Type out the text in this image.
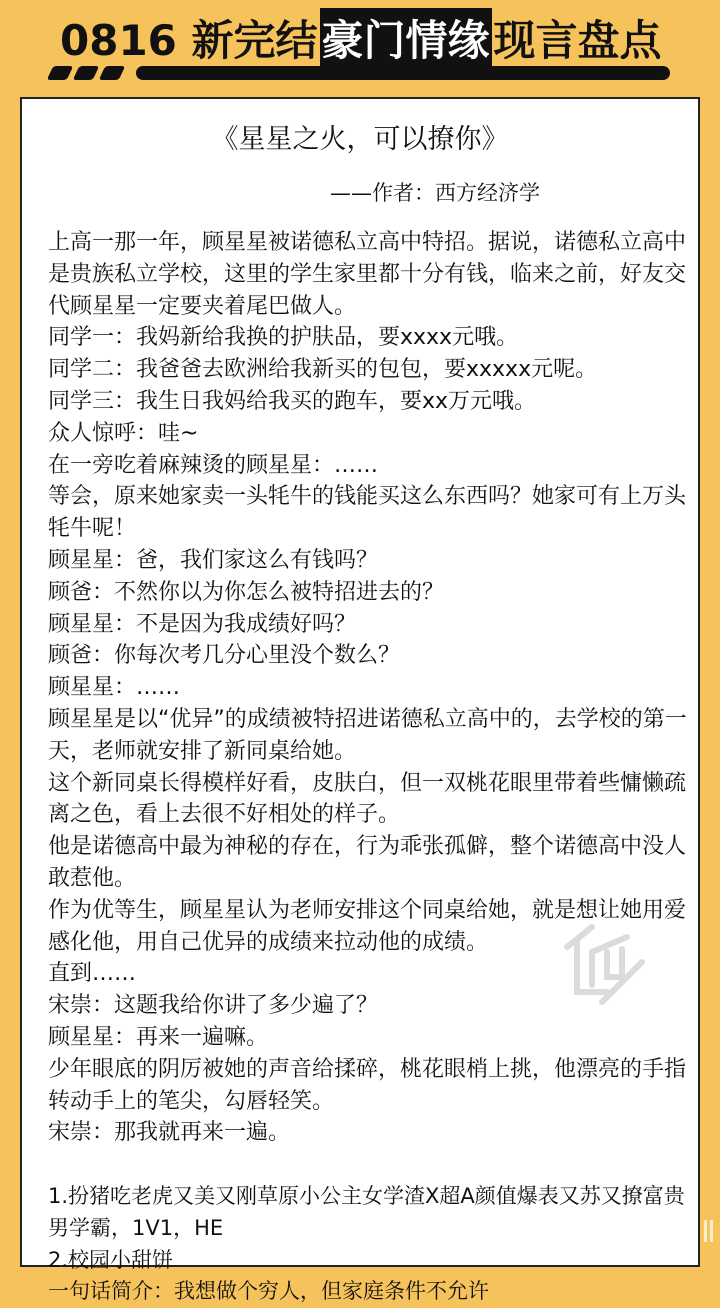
0816 新完结 豪门情缘 现言盘点
《星星之火，可以撩你》
——作者：西方经济学

上高一那一年，顾星星被诺德私立高中特招。据说，诺德私立高中是贵族私立学校，这里的学生家里都十分有钱，临来之前，好友交代顾星星一定要夹着尾巴做人。

同学一：我妈新给我换的护肤品，要xxxx元哦。

同学二：我爸爸去欧洲给我新买的包包，要xxxxx元呢。

同学三：我生日我妈给我买的跑车，要xx万元哦。

众人惊呼：哇~

在一旁吃着麻辣烫的顾星星：……

等会，原来她家卖一头牦牛的钱能买这么东西吗？她家可有上万头牦牛呢！

顾星星：爸，我们家这么有钱吗？

顾爸：不然你以为你怎么被特招进去的？

顾星星：不是因为我成绩好吗？

顾爸：你每次考几分心里没个数么？

顾星星：……

顾星星是以“优异”的成绩被特招进诺德私立高中的，去学校的第一天，老师就安排了新同桌给她。

这个新同桌长得模样好看，皮肤白，但一双桃花眼里带着些慵懒疏离之色，看上去很不好相处的样子。

他是诺德高中最为神秘的存在，行为乖张孤僻，整个诺德高中没人敢惹他。

作为优等生，顾星星认为老师安排这个同桌给她，就是想让她用爱感化他，用自己优异的成绩来拉动他的成绩。

直到……

宋崇：这题我给你讲了多少遍了？

顾星星：再来一遍嘛。

少年眼底的阴厉被她的声音给揉碎，桃花眼梢上挑，他漂亮的手指转动手上的笔尖，勾唇轻笑。

宋崇：那我就再来一遍。

1.扮猪吃老虎又美又刚草原小公主女学渣X超A颜值爆表又苏又撩富贵男学霸，1V1，HE

2.校园小甜饼

一句话简介：我想做个穷人，但家庭条件不允许
